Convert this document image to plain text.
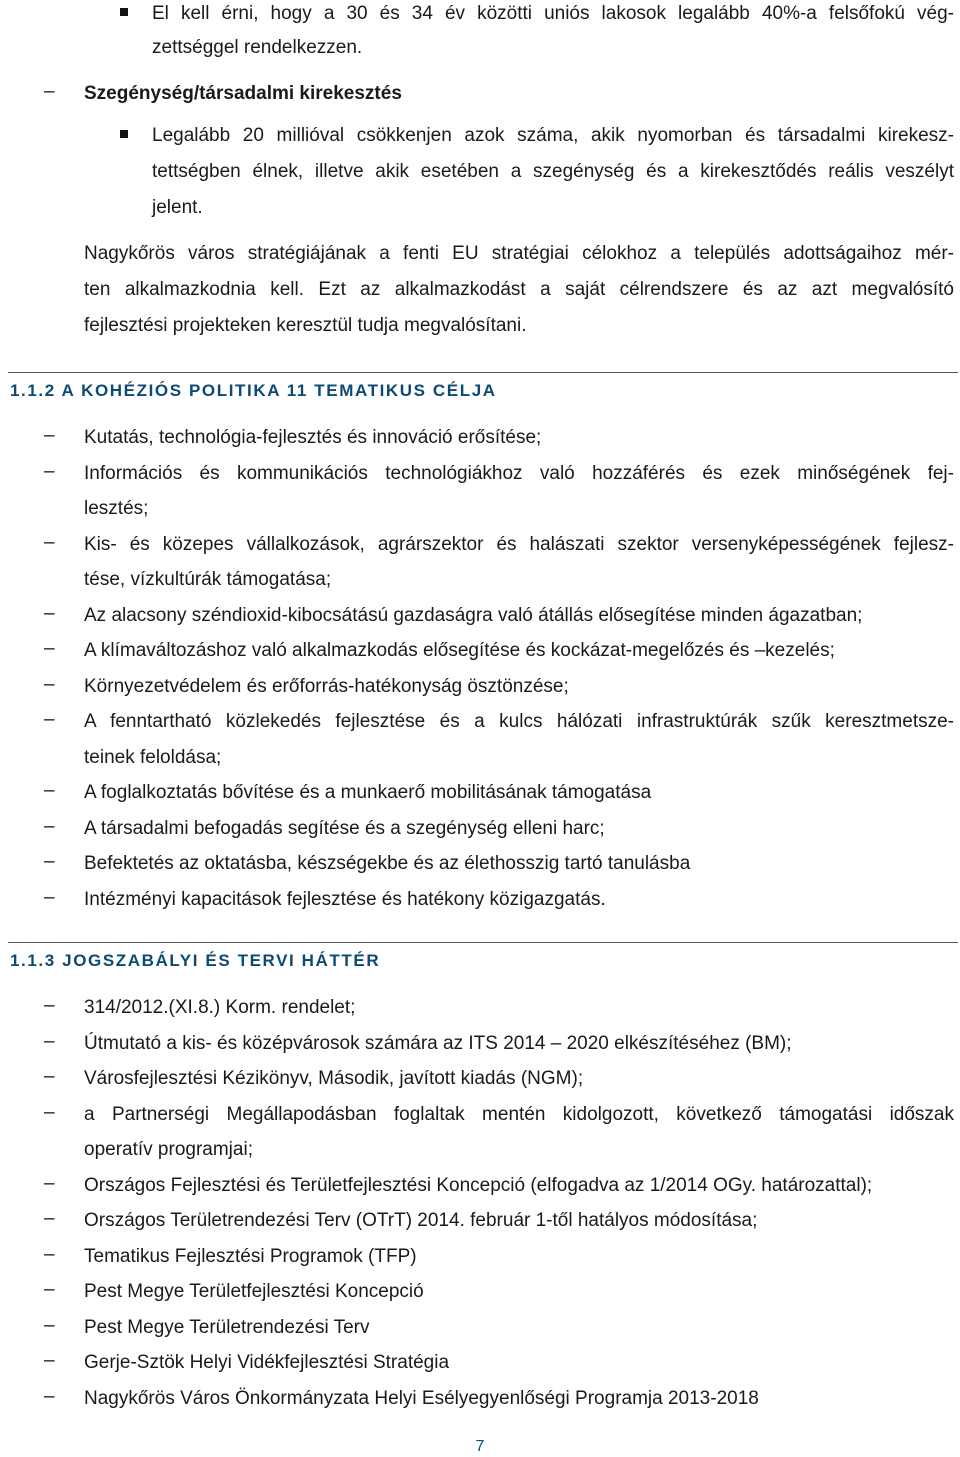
El kell érni, hogy a 30 és 34 év közötti uniós lakosok legalább 40%-a felsőfokú vég-
zettséggel rendelkezzen.
‒ Szegénység/társadalmi kirekesztés
Legalább 20 millióval csökkenjen azok száma, akik nyomorban és társadalmi kirekesz-
tettségben élnek, illetve akik esetében a szegénység és a kirekesztődés reális veszélyt
jelent.
Nagykőrös város stratégiájának a fenti EU stratégiai célokhoz a település adottságaihoz mér-
ten alkalmazkodnia kell. Ezt az alkalmazkodást a saját célrendszere és az azt megvalósító
fejlesztési projekteken keresztül tudja megvalósítani.
1.1.2 A KOHÉZIÓS POLITIKA 11 TEMATIKUS CÉLJA
‒ Kutatás, technológia-fejlesztés és innováció erősítése;
‒ Információs és kommunikációs technológiákhoz való hozzáférés és ezek minőségének fej-
lesztés;
‒ Kis- és közepes vállalkozások, agrárszektor és halászati szektor versenyképességének fejlesz-
tése, vízkultúrák támogatása;
‒ Az alacsony széndioxid-kibocsátású gazdaságra való átállás elősegítése minden ágazatban;
‒ A klímaváltozáshoz való alkalmazkodás elősegítése és kockázat-megelőzés és –kezelés;
‒ Környezetvédelem és erőforrás-hatékonyság ösztönzése;
‒ A fenntartható közlekedés fejlesztése és a kulcs hálózati infrastruktúrák szűk keresztmetsze-
teinek feloldása;
‒ A foglalkoztatás bővítése és a munkaerő mobilitásának támogatása
‒ A társadalmi befogadás segítése és a szegénység elleni harc;
‒ Befektetés az oktatásba, készségekbe és az élethosszig tartó tanulásba
‒ Intézményi kapacitások fejlesztése és hatékony közigazgatás.
1.1.3 JOGSZABÁLYI ÉS TERVI HÁTTÉR
‒ 314/2012.(XI.8.) Korm. rendelet;
‒ Útmutató a kis- és középvárosok számára az ITS 2014 – 2020 elkészítéséhez (BM);
‒ Városfejlesztési Kézikönyv, Második, javított kiadás (NGM);
‒ a Partnerségi Megállapodásban foglaltak mentén kidolgozott, következő támogatási időszak
operatív programjai;
‒ Országos Fejlesztési és Területfejlesztési Koncepció (elfogadva az 1/2014 OGy. határozattal);
‒ Országos Területrendezési Terv (OTrT) 2014. február 1-től hatályos módosítása;
‒ Tematikus Fejlesztési Programok (TFP)
‒ Pest Megye Területfejlesztési Koncepció
‒ Pest Megye Területrendezési Terv
‒ Gerje-Sztök Helyi Vidékfejlesztési Stratégia
‒ Nagykőrös Város Önkormányzata Helyi Esélyegyenlőségi Programja 2013-2018
7
